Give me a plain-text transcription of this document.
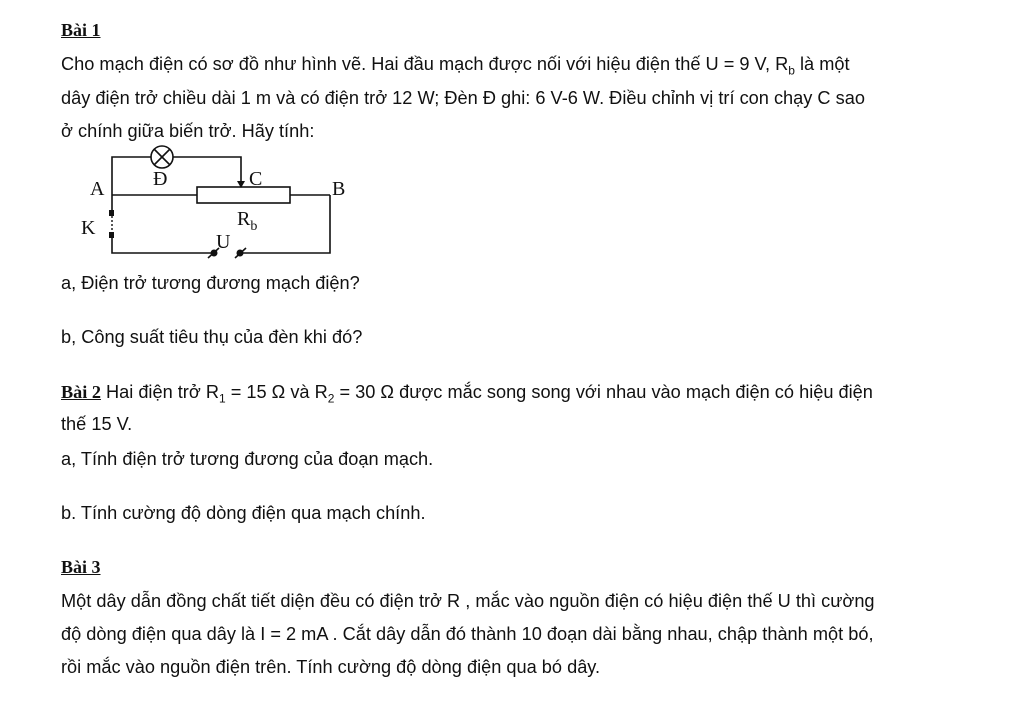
Bài 1
Cho mạch điện có sơ đồ như hình vẽ. Hai đầu mạch được nối với hiệu điện thế U = 9 V, $R_b$ là một
dây điện trở chiều dài 1 m và có điện trở 12 W; Đèn Đ ghi: 6 V-6 W. Điều chỉnh vị trí con chạy C sao
ở chính giữa biến trở. Hãy tính:
A	B
C
Đ
K	$R_b$
U
a, Điện trở tương đương mạch điện?
b, Công suất tiêu thụ của đèn khi đó?
Bài 2 Hai điện trở $R_1 = 15$ Ω và $R_2 = 30$ Ω được mắc song song với nhau vào mạch điện có hiệu điện
thế 15 V.
a, Tính điện trở tương đương của đoạn mạch.
b. Tính cường độ dòng điện qua mạch chính.
Bài 3
Một dây dẫn đồng chất tiết diện đều có điện trở R , mắc vào nguồn điện có hiệu điện thế U thì cường
độ dòng điện qua dây là I = 2 mA . Cắt dây dẫn đó thành 10 đoạn dài bằng nhau, chập thành một bó,
rồi mắc vào nguồn điện trên. Tính cường độ dòng điện qua bó dây.
